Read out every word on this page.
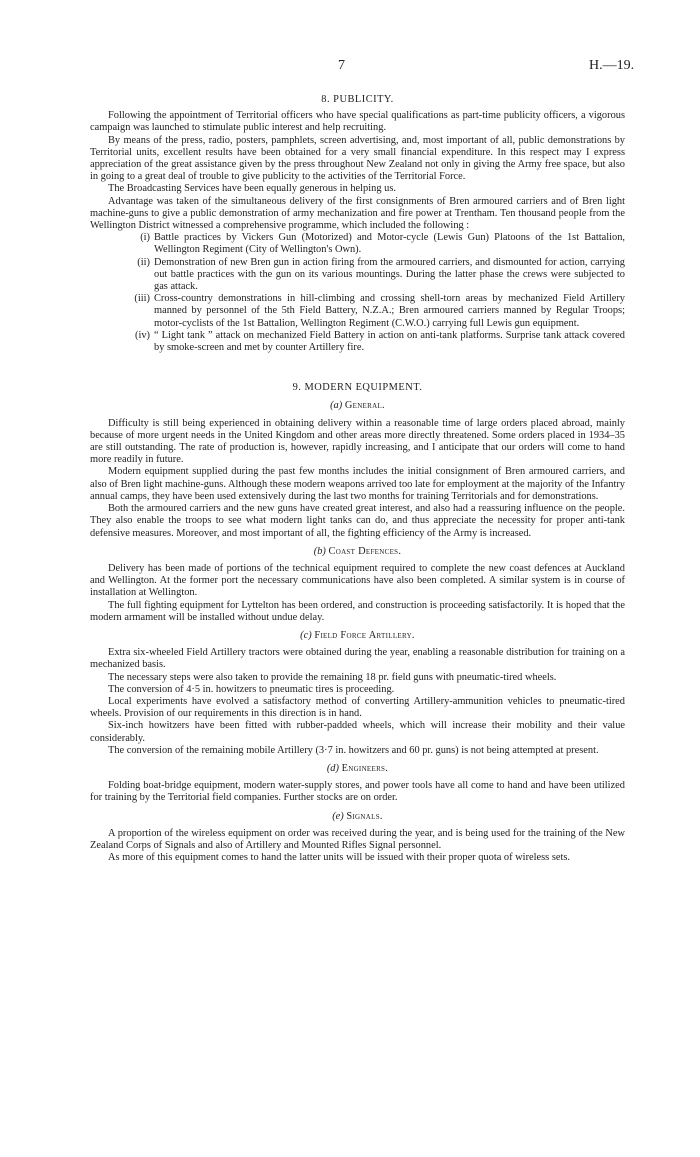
7	H.—19.
8. PUBLICITY.

Following the appointment of Territorial officers who have special qualifications as part-time publicity officers, a vigorous campaign was launched to stimulate public interest and help recruiting.

By means of the press, radio, posters, pamphlets, screen advertising, and, most important of all, public demonstrations by Territorial units, excellent results have been obtained for a very small financial expenditure. In this respect may I express appreciation of the great assistance given by the press throughout New Zealand not only in giving the Army free space, but also in going to a great deal of trouble to give publicity to the activities of the Territorial Force.

The Broadcasting Services have been equally generous in helping us.

Advantage was taken of the simultaneous delivery of the first consignments of Bren armoured carriers and of Bren light machine-guns to give a public demonstration of army mechanization and fire power at Trentham. Ten thousand people from the Wellington District witnessed a comprehensive programme, which included the following :

(i) Battle practices by Vickers Gun (Motorized) and Motor-cycle (Lewis Gun) Platoons of the 1st Battalion, Wellington Regiment (City of Wellington's Own).
(ii) Demonstration of new Bren gun in action firing from the armoured carriers, and dismounted for action, carrying out battle practices with the gun on its various mountings. During the latter phase the crews were subjected to gas attack.
(iii) Cross-country demonstrations in hill-climbing and crossing shell-torn areas by mechanized Field Artillery manned by personnel of the 5th Field Battery, N.Z.A.; Bren armoured carriers manned by Regular Troops; motor-cyclists of the 1st Battalion, Wellington Regiment (C.W.O.) carrying full Lewis gun equipment.
(iv) “ Light tank ” attack on mechanized Field Battery in action on anti-tank platforms. Surprise tank attack covered by smoke-screen and met by counter Artillery fire.
9. MODERN EQUIPMENT.
(a) General.

Difficulty is still being experienced in obtaining delivery within a reasonable time of large orders placed abroad, mainly because of more urgent needs in the United Kingdom and other areas more directly threatened. Some orders placed in 1934–35 are still outstanding. The rate of production is, however, rapidly increasing, and I anticipate that our orders will come to hand more readily in future.

Modern equipment supplied during the past few months includes the initial consignment of Bren armoured carriers, and also of Bren light machine-guns. Although these modern weapons arrived too late for employment at the majority of the Infantry annual camps, they have been used extensively during the last two months for training Territorials and for demonstrations.

Both the armoured carriers and the new guns have created great interest, and also had a reassuring influence on the people. They also enable the troops to see what modern light tanks can do, and thus appreciate the necessity for proper anti-tank defensive measures. Moreover, and most important of all, the fighting efficiency of the Army is increased.

(b) Coast Defences.

Delivery has been made of portions of the technical equipment required to complete the new coast defences at Auckland and Wellington. At the former port the necessary communications have also been completed. A similar system is in course of installation at Wellington.

The full fighting equipment for Lyttelton has been ordered, and construction is proceeding satisfactorily. It is hoped that the modern armament will be installed without undue delay.

(c) Field Force Artillery.

Extra six-wheeled Field Artillery tractors were obtained during the year, enabling a reasonable distribution for training on a mechanized basis.

The necessary steps were also taken to provide the remaining 18 pr. field guns with pneumatic-tired wheels.

The conversion of 4·5 in. howitzers to pneumatic tires is proceeding.

Local experiments have evolved a satisfactory method of converting Artillery-ammunition vehicles to pneumatic-tired wheels. Provision of our requirements in this direction is in hand.

Six-inch howitzers have been fitted with rubber-padded wheels, which will increase their mobility and their value considerably.

The conversion of the remaining mobile Artillery (3·7 in. howitzers and 60 pr. guns) is not being attempted at present.

(d) Engineers.

Folding boat-bridge equipment, modern water-supply stores, and power tools have all come to hand and have been utilized for training by the Territorial field companies. Further stocks are on order.

(e) Signals.

A proportion of the wireless equipment on order was received during the year, and is being used for the training of the New Zealand Corps of Signals and also of Artillery and Mounted Rifles Signal personnel.

As more of this equipment comes to hand the latter units will be issued with their proper quota of wireless sets.
